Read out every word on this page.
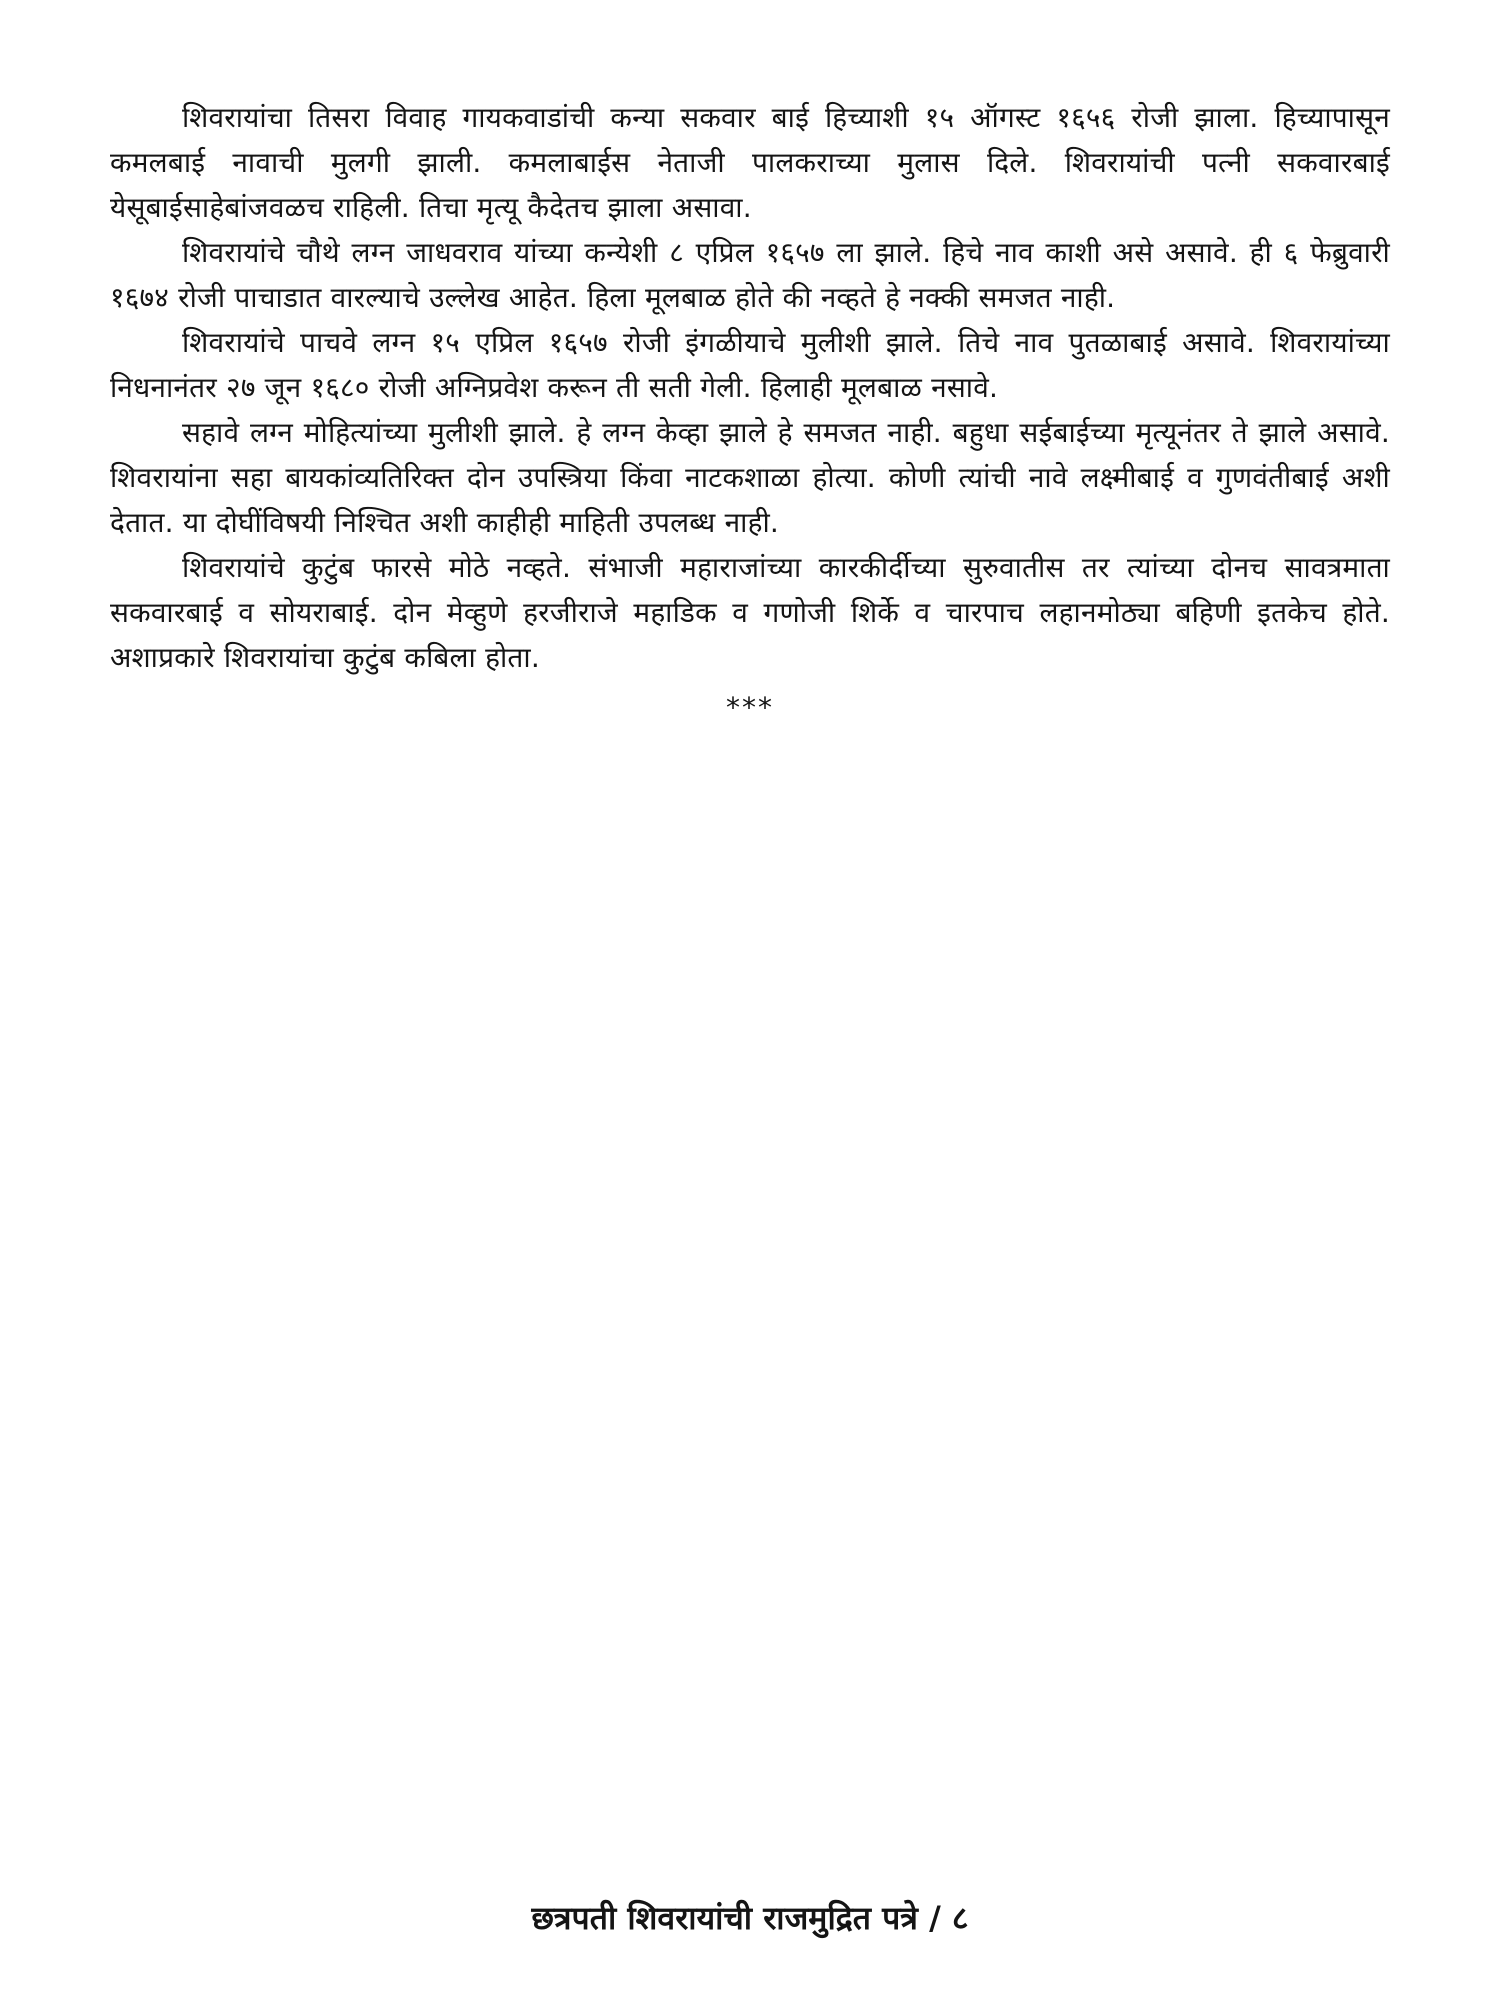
शिवरायांचा तिसरा विवाह गायकवाडांची कन्या सकवार बाई हिच्याशी १५ ऑगस्ट १६५६ रोजी झाला. हिच्यापासून कमलबाई नावाची मुलगी झाली. कमलाबाईस नेताजी पालकराच्या मुलास दिले. शिवरायांची पत्नी सकवारबाई येसूबाईसाहेबांजवळच राहिली. तिचा मृत्यू कैदेतच झाला असावा.

शिवरायांचे चौथे लग्न जाधवराव यांच्या कन्येशी ८ एप्रिल १६५७ ला झाले. हिचे नाव काशी असे असावे. ही ६ फेब्रुवारी १६७४ रोजी पाचाडात वारल्याचे उल्लेख आहेत. हिला मूलबाळ होते की नव्हते हे नक्की समजत नाही.

शिवरायांचे पाचवे लग्न १५ एप्रिल १६५७ रोजी इंगळीयाचे मुलीशी झाले. तिचे नाव पुतळाबाई असावे. शिवरायांच्या निधनानंतर २७ जून १६८० रोजी अग्निप्रवेश करून ती सती गेली. हिलाही मूलबाळ नसावे.

सहावे लग्न मोहित्यांच्या मुलीशी झाले. हे लग्न केव्हा झाले हे समजत नाही. बहुधा सईबाईच्या मृत्यूनंतर ते झाले असावे. शिवरायांना सहा बायकांव्यतिरिक्त दोन उपस्त्रिया किंवा नाटकशाळा होत्या. कोणी त्यांची नावे लक्ष्मीबाई व गुणवंतीबाई अशी देतात. या दोघींविषयी निश्चित अशी काहीही माहिती उपलब्ध नाही.

शिवरायांचे कुटुंब फारसे मोठे नव्हते. संभाजी महाराजांच्या कारकीर्दीच्या सुरुवातीस तर त्यांच्या दोनच सावत्रमाता सकवारबाई व सोयराबाई. दोन मेव्हुणे हरजीराजे महाडिक व गणोजी शिर्के व चारपाच लहानमोठ्या बहिणी इतकेच होते. अशाप्रकारे शिवरायांचा कुटुंब कबिला होता.

***
छत्रपती शिवरायांची राजमुद्रित पत्रे / ८
